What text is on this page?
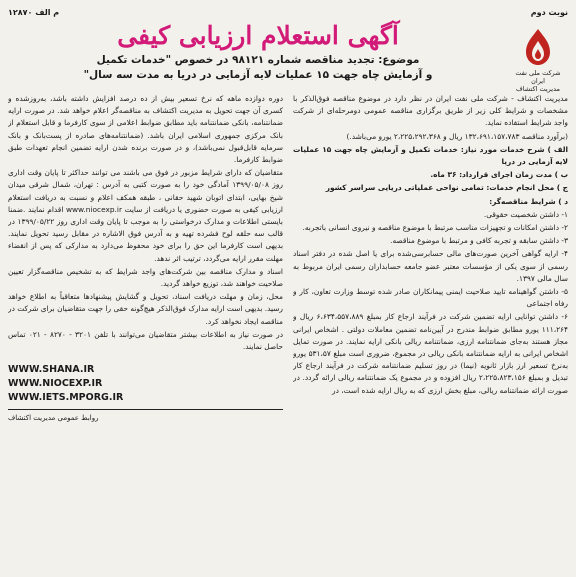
نوبت دوم
م الف ۱۲۸۷۰
شرکت ملی نفت ایران
مدیریت اکتشاف
آگهی استعلام ارزیابی کیفی
موضوع: تجدید مناقصه شماره ۹۸۱۲۱ در خصوص "خدمات تکمیل
و آزمایش چاه جهت ۱۵ عملیات لایه آزمایی در دریا به مدت سه سال"

مدیریت اکتشاف - شرکت ملی نفت ایران در نظر دارد در موضوع مناقصه فوق‌الذکر با مشخصات و شرایط کلی زیر از طریق برگزاری مناقصه عمومی دومرحله‌ای از شرکت واجد شرایط استفاده نماید.

(برآورد مناقصه ۱۳۲،۶۹۱،۱۵۷،۷۸۳ ریال و ۲،۲۲۵،۲۹۲،۳۶۸ یورو می‌باشد.)

الف ) شرح خدمات مورد نیاز: خدمات تکمیل و آزمایش چاه جهت ۱۵ عملیات لایه آزمایی در دریا

ب ) مدت زمان اجرای قرارداد: ۳۶ ماه.

ج ) محل انجام خدمات: تمامی نواحی عملیاتی دریایی سراسر کشور

د ) شرایط مناقصه‌گر:

۱- داشتن شخصیت حقوقی.

۲- داشتن امکانات و تجهیزات مناسب مرتبط با موضوع مناقصه و نیروی انسانی باتجربه.

۳- داشتن سابقه و تجربه کافی و مرتبط با موضوع مناقصه.

۴- ارایه گواهی آخرین صورت‌های مالی حسابرسی‌شده برای یا اصل شده در دفتر اسناد رسمی از سوی یکی از مؤسسات معتبر عضو جامعه حسابداران رسمی ایران مربوط به سال مالی ۱۳۹۷.

۵- داشتن گواهینامه تایید صلاحیت ایمنی پیمانکاران صادر شده توسط وزارت تعاون، کار و رفاه اجتماعی

۶- داشتن توانایی ارایه تضمین شرکت در فرآیند ارجاع کار بمبلغ ۶،۶۳۴،۵۵۷،۸۸۹ ریال و ۱۱۱،۲۶۴ یورو مطابق ضوابط مندرج در آیین‌نامه تضمین معاملات دولتی . اشخاص ایرانی مجاز هستند به‌جای ضمانتنامه ارزی، ضمانتنامه ریالی بانکی ارایه نمایند. در صورت تمایل اشخاص ایرانی به ارایه ضمانتنامه بانکی ریالی در مجموع، ضروری است مبلغ ۵۳۱،۵۷ یورو به‌نرخ تسعیر ارز بازار ثانویه (نیما) در روز تسلیم ضمانتنامه شرکت در فرآیند ارجاع کار تبدیل و بمبلغ ۲،۲۲۵،۸۲۳،۱۵۶ ریال افزوده و در مجموع یک ضمانتنامه ریالی ارائه گردد. در صورت ارائه ضمانتنامه ریالی، مبلغ بخش ارزی که به ریال ارایه شده است، در

دوره دوازده ماهه که نرخ تسعیر بیش از ده درصد افزایش داشته باشد، به‌روزشده و کسری آن جهت تحویل به مدیریت اکتشاف به مناقصه‌گر اعلام خواهد شد. در صورت ارایه ضمانتنامه، بانکی ضمانتنامه باید مطابق ضوابط اعلامی از سوی کارفرما و قابل استعلام از بانک مرکزی جمهوری اسلامی ایران باشد. (ضمانتنامه‌های صادره از پست‌بانک و بانک سرمایه قابل‌قبول نمی‌باشد)، و در صورت برنده شدن ارایه تضمین انجام تعهدات طبق ضوابط کارفرما.

متقاضیان که دارای شرایط مزبور در فوق می باشند می توانند حداکثر تا پایان وقت اداری روز ۱۳۹۹/۰۵/۰۸ آمادگی خود را به صورت کتبی به آدرس : تهران، شمال شرقی میدان شیخ بهایی، ابتدای اتوبان شهید حقانی ، طبقه همکف اعلام و نسبت به دریافت استعلام ارزیابی کیفی به صورت حضوری یا دریافت از سایت www.niocexp.ir اقدام نمایند .ضمنا بایستی اطلاعات و مدارک درخواستی را به موجب تا پایان وقت اداری روز ۱۳۹۹/۰۵/۲۲ در قالب سه حلقه لوح فشرده تهیه و به آدرس فوق الاشاره در مقابل رسید تحویل نمایند. بدیهی است کارفرما این حق را برای خود محفوظ می‌دارد به مدارکی که پس از انقضاء مهلت مقرر ارایه می‌گردد، ترتیب اثر ندهد.

اسناد و مدارک مناقصه بین شرکت‌های واجد شرایط که به تشخیص مناقصه‌گزار تعیین صلاحیت خواهند شد، توزیع خواهد گردید.

محل، زمان و مهلت دریافت اسناد، تحویل و گشایش پیشنهادها متعاقباً به اطلاع خواهد رسید. بدیهی است ارایه مدارک فوق‌الذکر هیچ‌گونه حقی را جهت متقاضیان برای شرکت در مناقصه ایجاد نخواهد کرد.

در صورت نیاز به اطلاعات بیشتر متقاضیان می‌توانند با تلفن ۳۲۰۱ - ۸۲۷۰ - ۰۲۱ تماس حاصل نمایند.

WWW.SHANA.IR
WWW.NIOCEXP.IR
WWW.IETS.MPORG.IR
روابط عمومی مدیریت اکتشاف
